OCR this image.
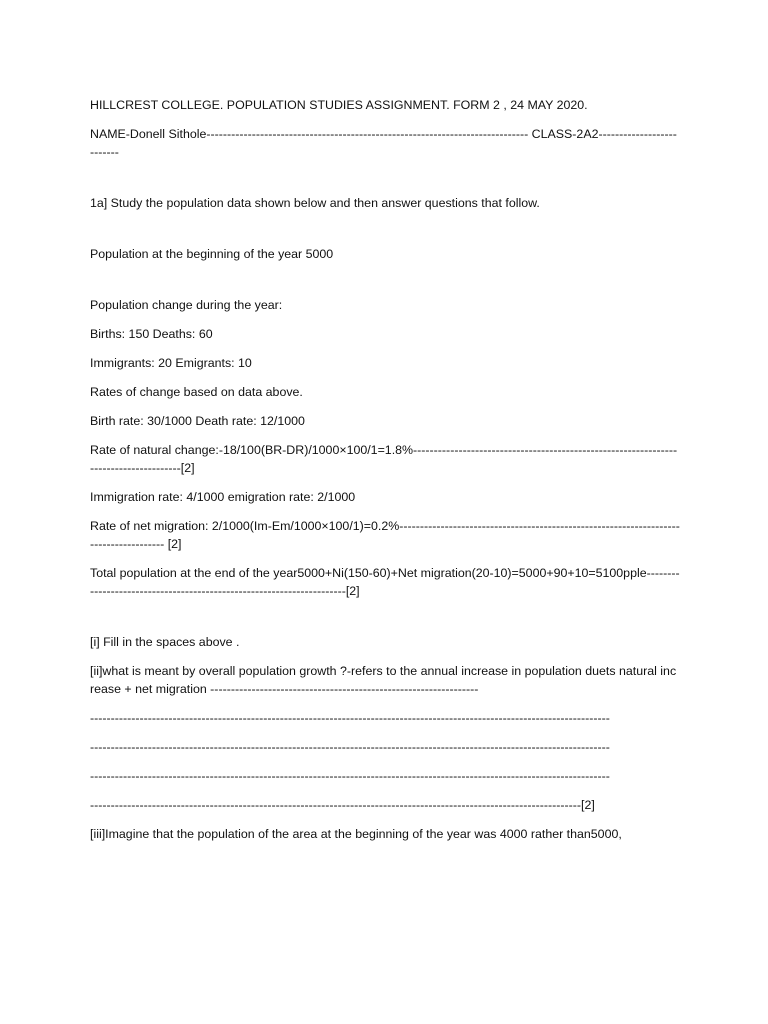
HILLCREST COLLEGE. POPULATION STUDIES ASSIGNMENT. FORM 2 , 24 MAY 2020.

NAME-Donell Sithole------------------------------------------------------------------------------ CLASS-2A2--------------------------

1a] Study the population data shown below and then answer questions that follow.

Population at the beginning of the year 5000

Population change during the year:

Births: 150 Deaths: 60

Immigrants: 20 Emigrants: 10

Rates of change based on data above.

Birth rate: 30/1000 Death rate: 12/1000

Rate of natural change:-18/100(BR-DR)/1000×100/1=1.8%--------------------------------------------------------------------------------------[2]

Immigration rate: 4/1000 emigration rate: 2/1000

Rate of net migration: 2/1000(Im-Em/1000×100/1)=0.2%-------------------------------------------------------------------------------------- [2]

Total population at the end of the year5000+Ni(150-60)+Net migration(20-10)=5000+90+10=5100pple----------------------------------------------------------------------[2]

[i] Fill in the spaces above .

[ii]what is meant by overall population growth ?-refers to the annual increase in population duets natural increase + net migration -----------------------------------------------------------------

------------------------------------------------------------------------------------------------------------------------------
------------------------------------------------------------------------------------------------------------------------------
------------------------------------------------------------------------------------------------------------------------------
-----------------------------------------------------------------------------------------------------------------------[2]

[iii]Imagine that the population of the area at the beginning of the year was 4000 rather than5000,
